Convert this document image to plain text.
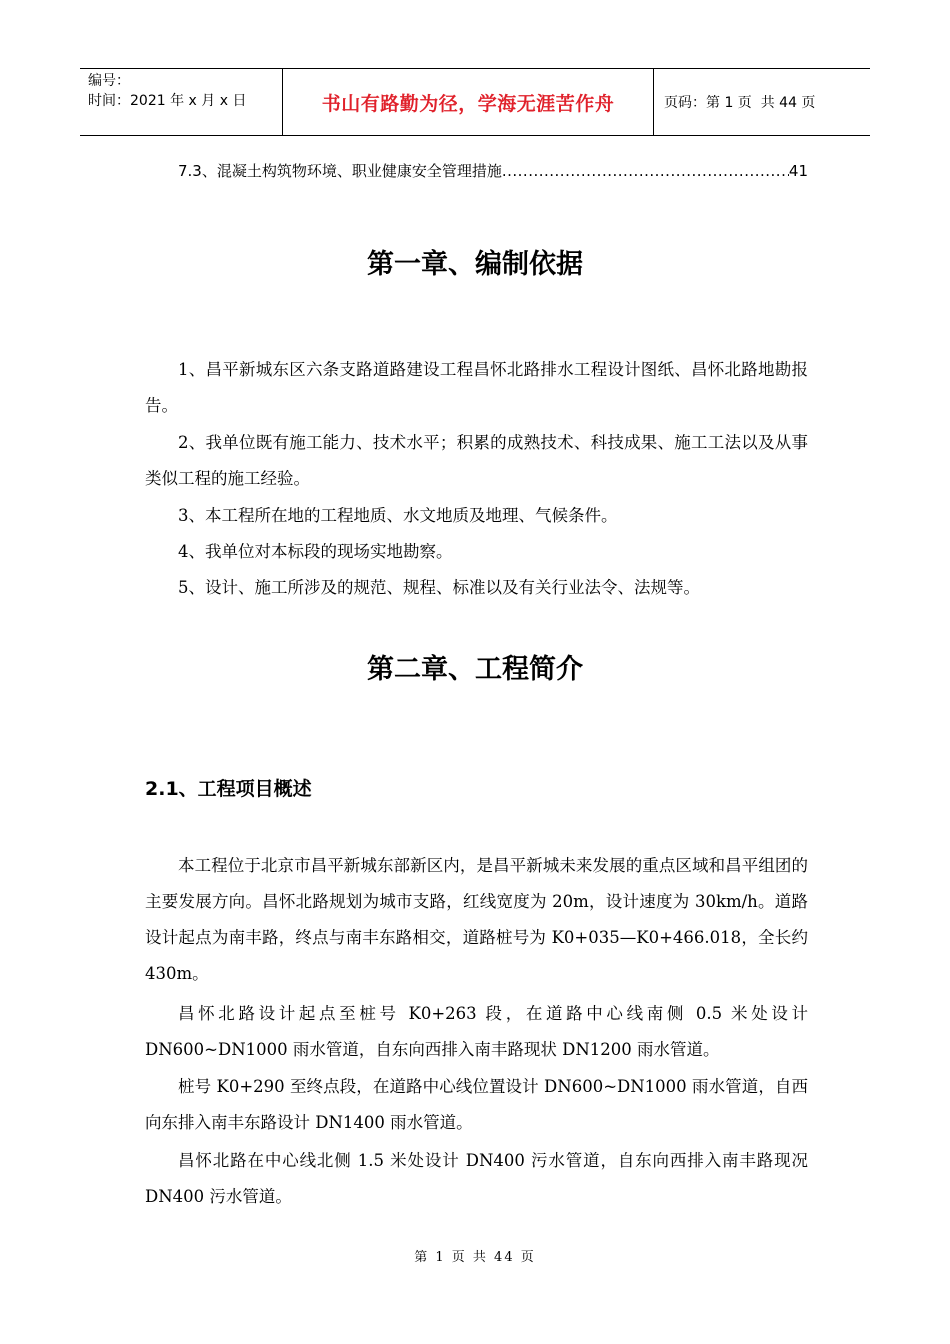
编号：
时间：2021 年 x 月 x 日	书山有路勤为径，学海无涯苦作舟	页码：第 1 页  共 44 页
7.3、混凝土构筑物环境、职业健康安全管理措施
.....	41
第一章、编制依据
1、昌平新城东区六条支路道路建设工程昌怀北路排水工程设计图纸、昌怀北路地勘报告。
2、我单位既有施工能力、技术水平；积累的成熟技术、科技成果、施工工法以及从事类似工程的施工经验。
3、本工程所在地的工程地质、水文地质及地理、气候条件。
4、我单位对本标段的现场实地勘察。
5、设计、施工所涉及的规范、规程、标准以及有关行业法令、法规等。
第二章、工程简介
2.1、工程项目概述
本工程位于北京市昌平新城东部新区内，是昌平新城未来发展的重点区域和昌平组团的主要发展方向。昌怀北路规划为城市支路，红线宽度为 20m，设计速度为 30km/h。道路设计起点为南丰路，终点与南丰东路相交，道路桩号为 K0+035—K0+466.018，全长约 430m。
昌怀北路设计起点至桩号 K0+263 段，在道路中心线南侧 0.5 米处设计 DN600~DN1000 雨水管道，自东向西排入南丰路现状 DN1200 雨水管道。
桩号 K0+290 至终点段，在道路中心线位置设计 DN600~DN1000 雨水管道，自西向东排入南丰东路设计 DN1400 雨水管道。
昌怀北路在中心线北侧 1.5 米处设计 DN400 污水管道，自东向西排入南丰路现况 DN400 污水管道。
第 1 页 共 44 页
